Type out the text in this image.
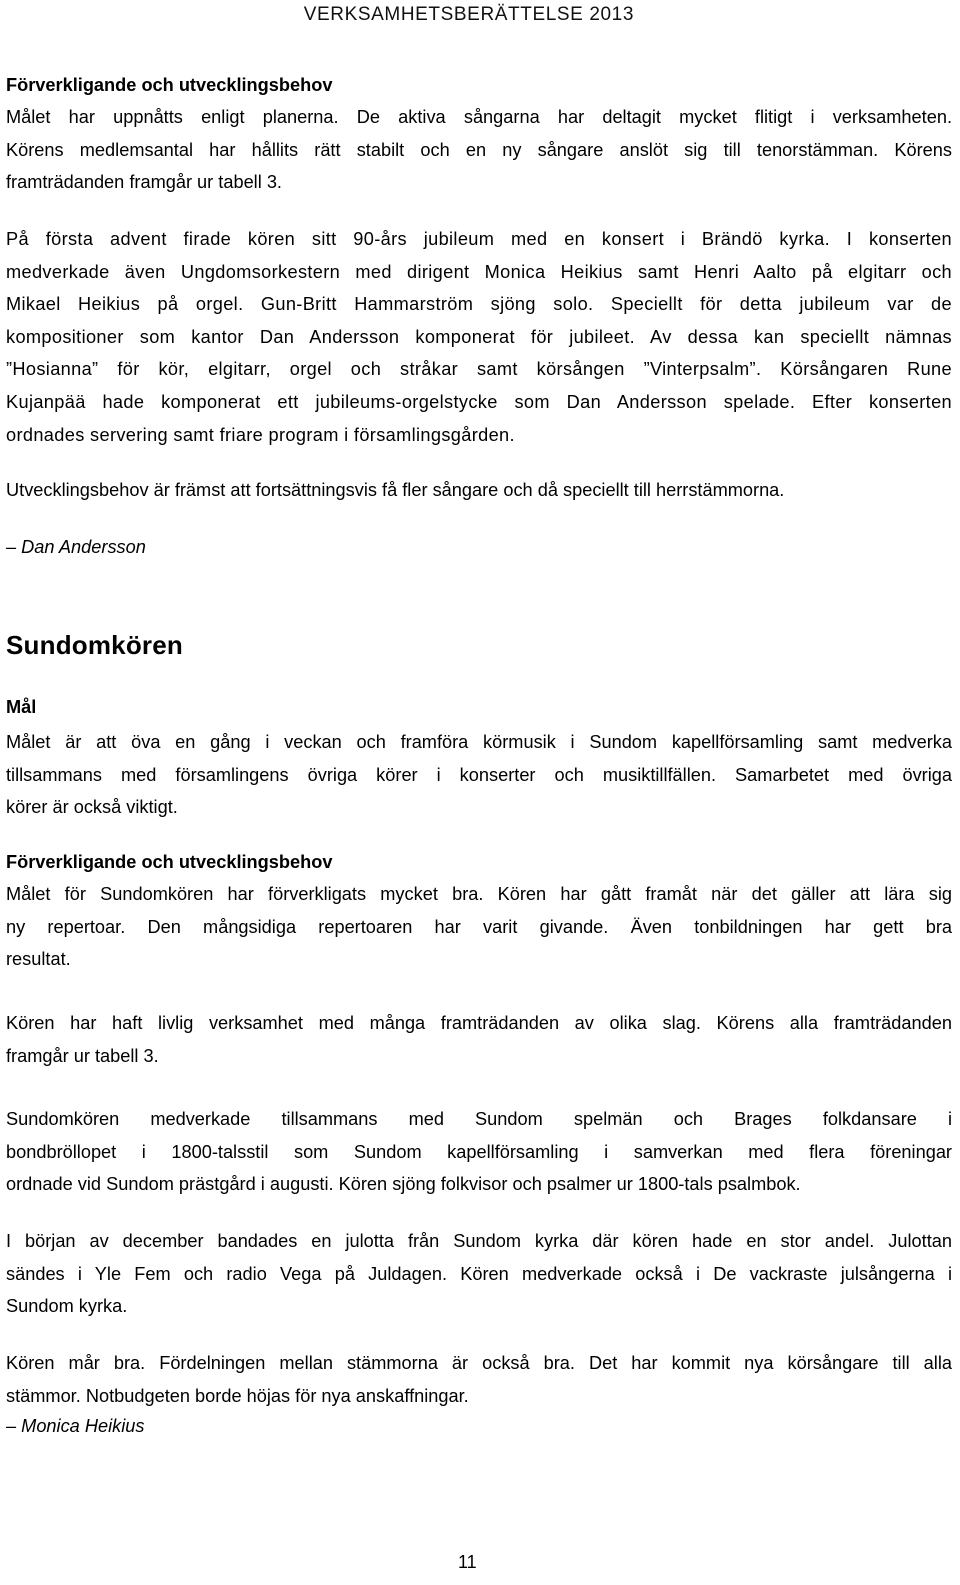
VERKSAMHETSBERÄTTELSE 2013
Förverkligande och utvecklingsbehov
Målet har uppnåtts enligt planerna. De aktiva sångarna har deltagit mycket flitigt i verksamheten.
Körens medlemsantal har hållits rätt stabilt och en ny sångare anslöt sig till tenorstämman. Körens
framträdanden framgår ur tabell 3.
På första advent firade kören sitt 90-års jubileum med en konsert i Brändö kyrka. I konserten
medverkade även Ungdomsorkestern med dirigent Monica Heikius samt Henri Aalto på elgitarr och
Mikael Heikius på orgel. Gun-Britt Hammarström sjöng solo. Speciellt för detta jubileum var de
kompositioner som kantor Dan Andersson komponerat för jubileet. Av dessa kan speciellt nämnas
”Hosianna” för kör, elgitarr, orgel och stråkar samt körsången ”Vinterpsalm”. Körsångaren Rune
Kujanpää hade komponerat ett jubileums-orgelstycke som Dan Andersson spelade. Efter konserten
ordnades servering samt friare program i församlingsgården.
Utvecklingsbehov är främst att fortsättningsvis få fler sångare och då speciellt till herrstämmorna.
– Dan Andersson
Sundomkören
Mål
Målet är att öva en gång i veckan och framföra körmusik i Sundom kapellförsamling samt medverka
tillsammans med församlingens övriga körer i konserter och musiktillfällen. Samarbetet med övriga
körer är också viktigt.
Förverkligande och utvecklingsbehov
Målet för Sundomkören har förverkligats mycket bra. Kören har gått framåt när det gäller att lära sig
ny repertoar. Den mångsidiga repertoaren har varit givande. Även tonbildningen har gett bra
resultat.
Kören har haft livlig verksamhet med många framträdanden av olika slag. Körens alla framträdanden
framgår ur tabell 3.
Sundomkören medverkade tillsammans med Sundom spelmän och Brages folkdansare i
bondbröllopet i 1800-talsstil som Sundom kapellförsamling i samverkan med flera föreningar
ordnade vid Sundom prästgård i augusti. Kören sjöng folkvisor och psalmer ur 1800-tals psalmbok.
I början av december bandades en julotta från Sundom kyrka där kören hade en stor andel. Julottan
sändes i Yle Fem och radio Vega på Juldagen. Kören medverkade också i De vackraste julsångerna i
Sundom kyrka.
Kören mår bra. Fördelningen mellan stämmorna är också bra. Det har kommit nya körsångare till alla
stämmor. Notbudgeten borde höjas för nya anskaffningar.
– Monica Heikius
11
